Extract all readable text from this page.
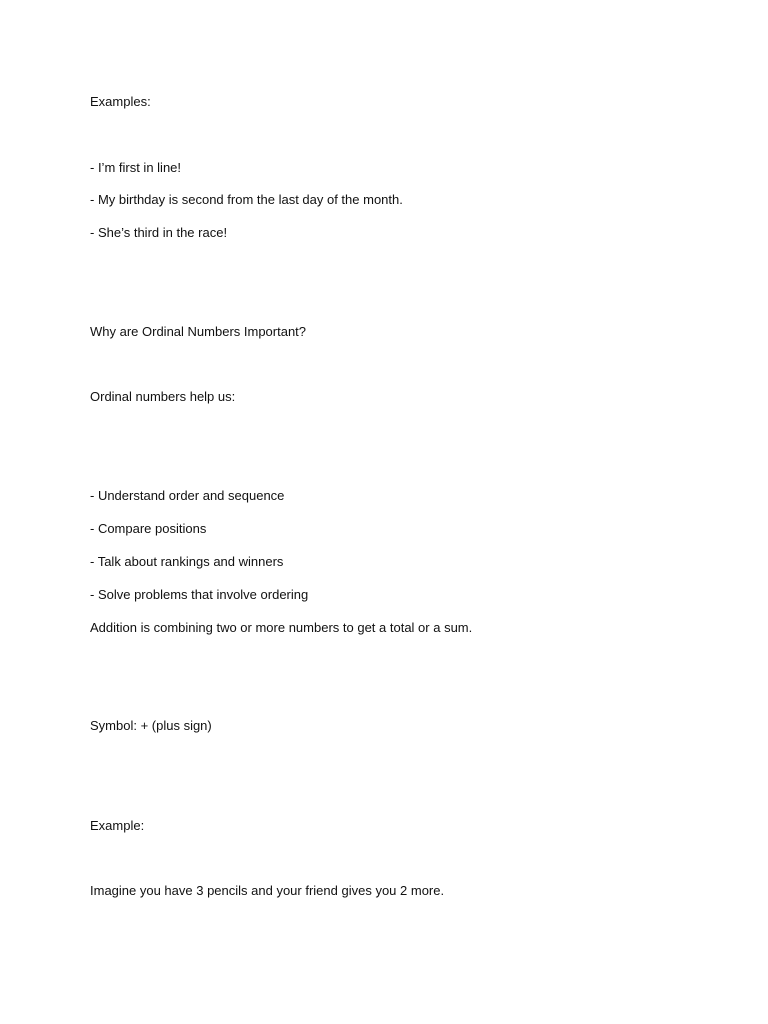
Examples:
- I’m first in line!
- My birthday is second from the last day of the month.
- She’s third in the race!
Why are Ordinal Numbers Important?
Ordinal numbers help us:
- Understand order and sequence
- Compare positions
- Talk about rankings and winners
- Solve problems that involve ordering
Addition is combining two or more numbers to get a total or a sum.
Symbol: + (plus sign)
Example:
Imagine you have 3 pencils and your friend gives you 2 more.
